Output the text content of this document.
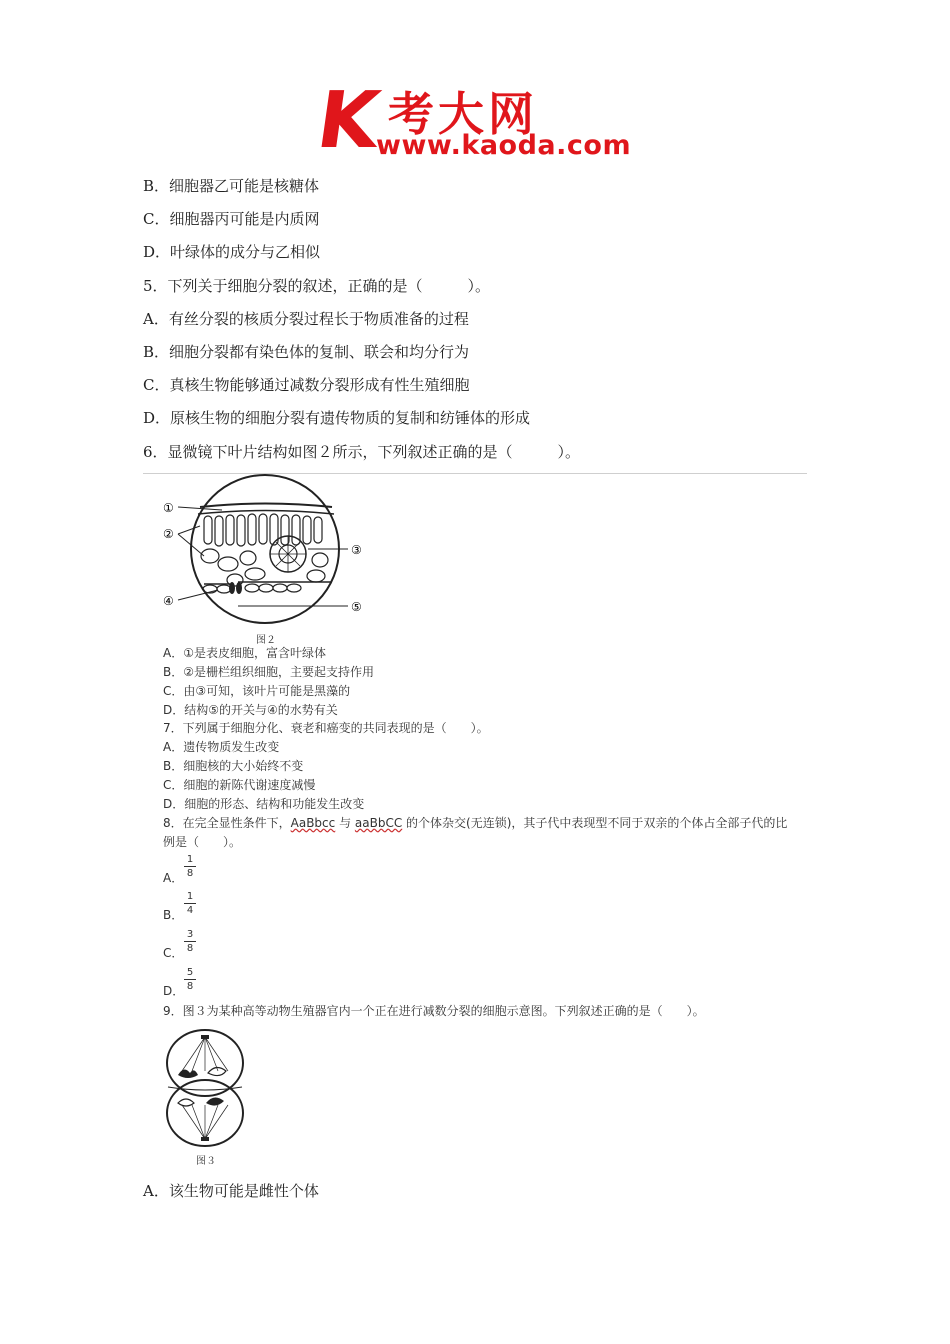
K 考大网
www.kaoda.com
B．细胞器乙可能是核糖体
C．细胞器丙可能是内质网
D．叶绿体的成分与乙相似
5．下列关于细胞分裂的叙述，正确的是（　　　）。
A．有丝分裂的核质分裂过程长于物质准备的过程
B．细胞分裂都有染色体的复制、联会和均分行为
C．真核生物能够通过减数分裂形成有性生殖细胞
D．原核生物的细胞分裂有遗传物质的复制和纺锤体的形成
6．显微镜下叶片结构如图２所示，下列叙述正确的是（　　　）。
①
②
③
④	⑤
图２
A．①是表皮细胞，富含叶绿体
B．②是栅栏组织细胞，主要起支持作用
C．由③可知，该叶片可能是黑藻的
D．结构⑤的开关与④的水势有关
7．下列属于细胞分化、衰老和癌变的共同表现的是（　　）。
A．遗传物质发生改变
B．细胞核的大小始终不变
C．细胞的新陈代谢速度减慢
D．细胞的形态、结构和功能发生改变
8．在完全显性条件下，AaBbcc 与 aaBbCC 的个体杂交(无连锁)，其子代中表现型不同于双亲的个体占全部子代的比
例是（　　）。
A．
1
8
B．
1
4
C．
3
8
D．
5
8
9．图３为某种高等动物生殖器官内一个正在进行减数分裂的细胞示意图。下列叙述正确的是（　　）。
图３
A．该生物可能是雌性个体
